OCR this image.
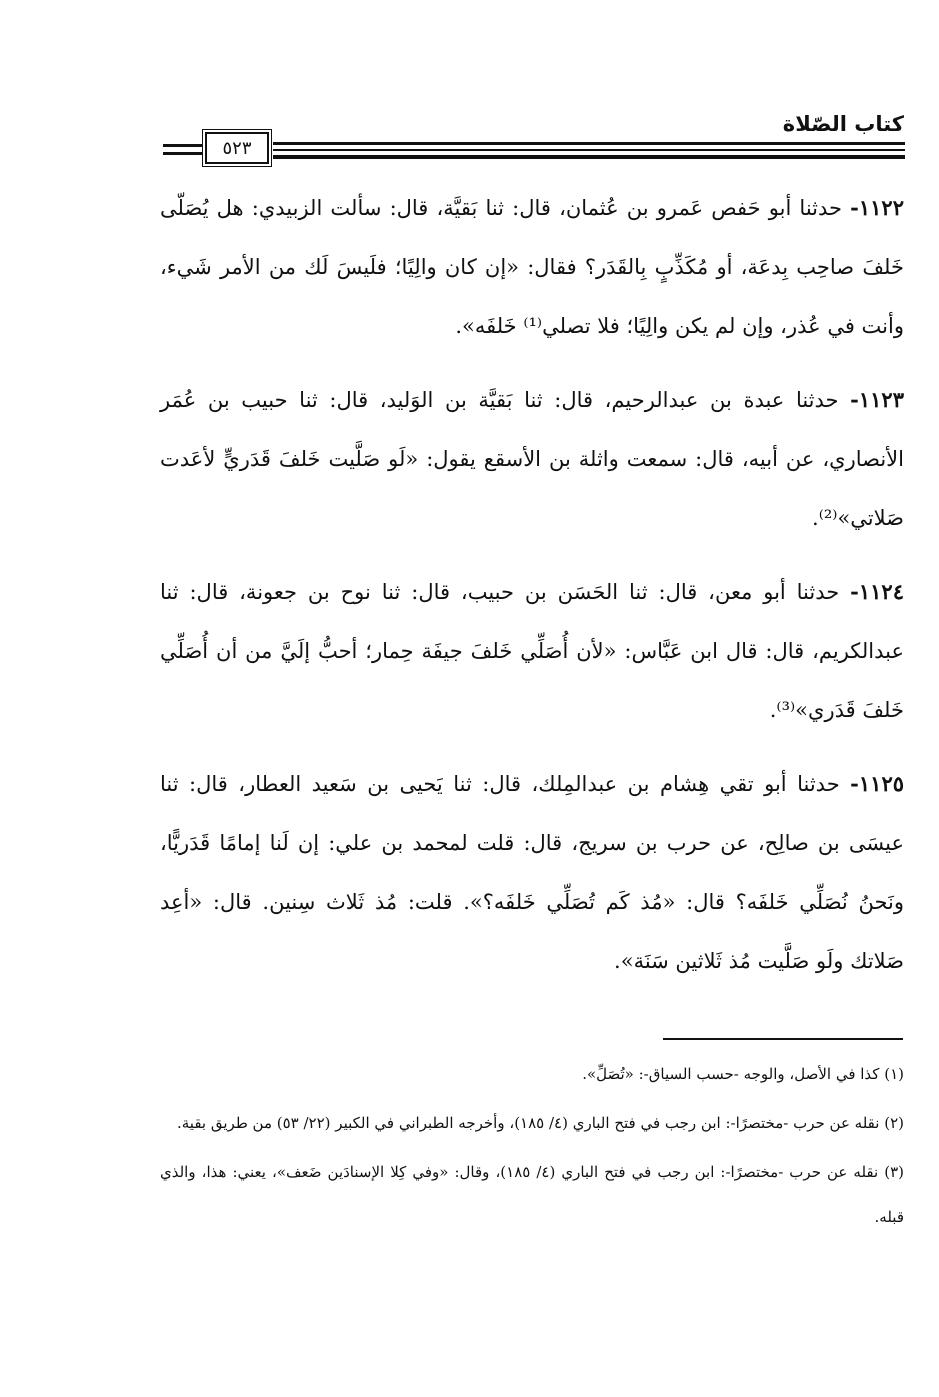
كتاب الصّلاة
٥٢٣

١١٢٢- حدثنا أبو حَفص عَمرو بن عُثمان، قال: ثنا بَقيَّة، قال: سألت الزبيدي: هل يُصَلّى خَلفَ صاحِب بِدعَة، أو مُكَذِّبٍ بِالقَدَر؟ فقال: «إن كان والِيًا؛ فلَيسَ لَك من الأمر شَيء، وأنت في عُذر، وإن لم يكن والِيًا؛ فلا تصلي⁽¹⁾ خَلفَه».

١١٢٣- حدثنا عبدة بن عبدالرحيم، قال: ثنا بَقيَّة بن الوَليد، قال: ثنا حبيب بن عُمَر الأنصاري، عن أبيه، قال: سمعت واثلة بن الأسقع يقول: «لَو صَلَّيت خَلفَ قَدَريٍّ لأعَدت صَلاتي»⁽²⁾.

١١٢٤- حدثنا أبو معن، قال: ثنا الحَسَن بن حبيب، قال: ثنا نوح بن جعونة، قال: ثنا عبدالكريم، قال: قال ابن عَبَّاس: «لأن أُصَلِّي خَلفَ جيفَة حِمار؛ أحبُّ إلَيَّ من أن أُصَلِّي خَلفَ قَدَري»⁽³⁾.

١١٢٥- حدثنا أبو تقي هِشام بن عبدالمِلك، قال: ثنا يَحيى بن سَعيد العطار، قال: ثنا عيسَى بن صالِح، عن حرب بن سريج، قال: قلت لمحمد بن علي: إن لَنا إمامًا قَدَريًّا، ونَحنُ نُصَلِّي خَلفَه؟ قال: «مُذ كَم تُصَلِّي خَلفَه؟». قلت: مُذ ثَلاث سِنين. قال: «أعِد صَلاتك ولَو صَلَّيت مُذ ثَلاثين سَنَة».

(١) كذا في الأصل، والوجه -حسب السياق-: «تُصَلِّ».

(٢) نقله عن حرب -مختصرًا-: ابن رجب في فتح الباري (٤/ ١٨٥)، وأخرجه الطبراني في الكبير (٢٢/ ٥٣) من طريق بقية.

(٣) نقله عن حرب -مختصرًا-: ابن رجب في فتح الباري (٤/ ١٨٥)، وقال: «وفي كِلا الإسنادَين ضَعف»، يعني: هذا، والذي قبله.
